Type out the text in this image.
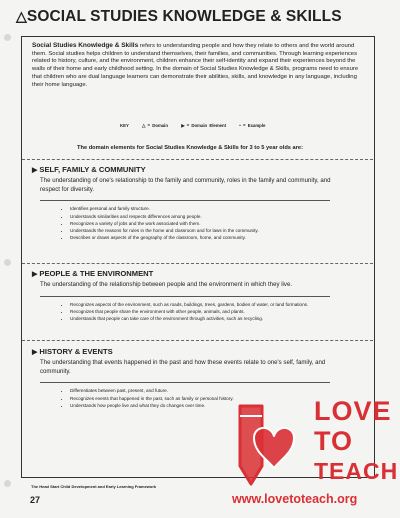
△SOCIAL STUDIES KNOWLEDGE & SKILLS
Social Studies Knowledge & Skills refers to understanding people and how they relate to others and the world around them. Social studies helps children to understand themselves, their families, and communities. Through learning experiences related to history, culture, and the environment, children enhance their self-identity and expand their experiences beyond the walls of their home and early childhood setting. In the domain of Social Studies Knowledge & Skills, programs need to ensure that children who are dual language learners can demonstrate their abilities, skills, and knowledge in any language, including their home language.
KEY	△ = Domain	▶ = Domain Element	• = Example
The domain elements for Social Studies Knowledge & Skills for 3 to 5 year olds are:
▶ SELF, FAMILY & COMMUNITY
The understanding of one's relationship to the family and community, roles in the family and community, and respect for diversity.
• Identifies personal and family structure.
• Understands similarities and respects differences among people.
• Recognizes a variety of jobs and the work associated with them.
• Understands the reasons for rules in the home and classroom and for laws in the community.
• Describes or draws aspects of the geography of the classroom, home, and community.
▶ PEOPLE & THE ENVIRONMENT
The understanding of the relationship between people and the environment in which they live.
• Recognizes aspects of the environment, such as roads, buildings, trees, gardens, bodies of water, or land formations.
• Recognizes that people share the environment with other people, animals, and plants.
• Understands that people can take care of the environment through activities, such as recycling.
▶ HISTORY & EVENTS
The understanding that events happened in the past and how these events relate to one's self, family, and community.
• Differentiates between past, present, and future.
• Recognizes events that happened in the past, such as family or personal history.
• Understands how people live and what they do changes over time.
The Head Start Child Development and Early Learning Framework
27
LOVE
TO
TEACH
www.lovetoteach.org
